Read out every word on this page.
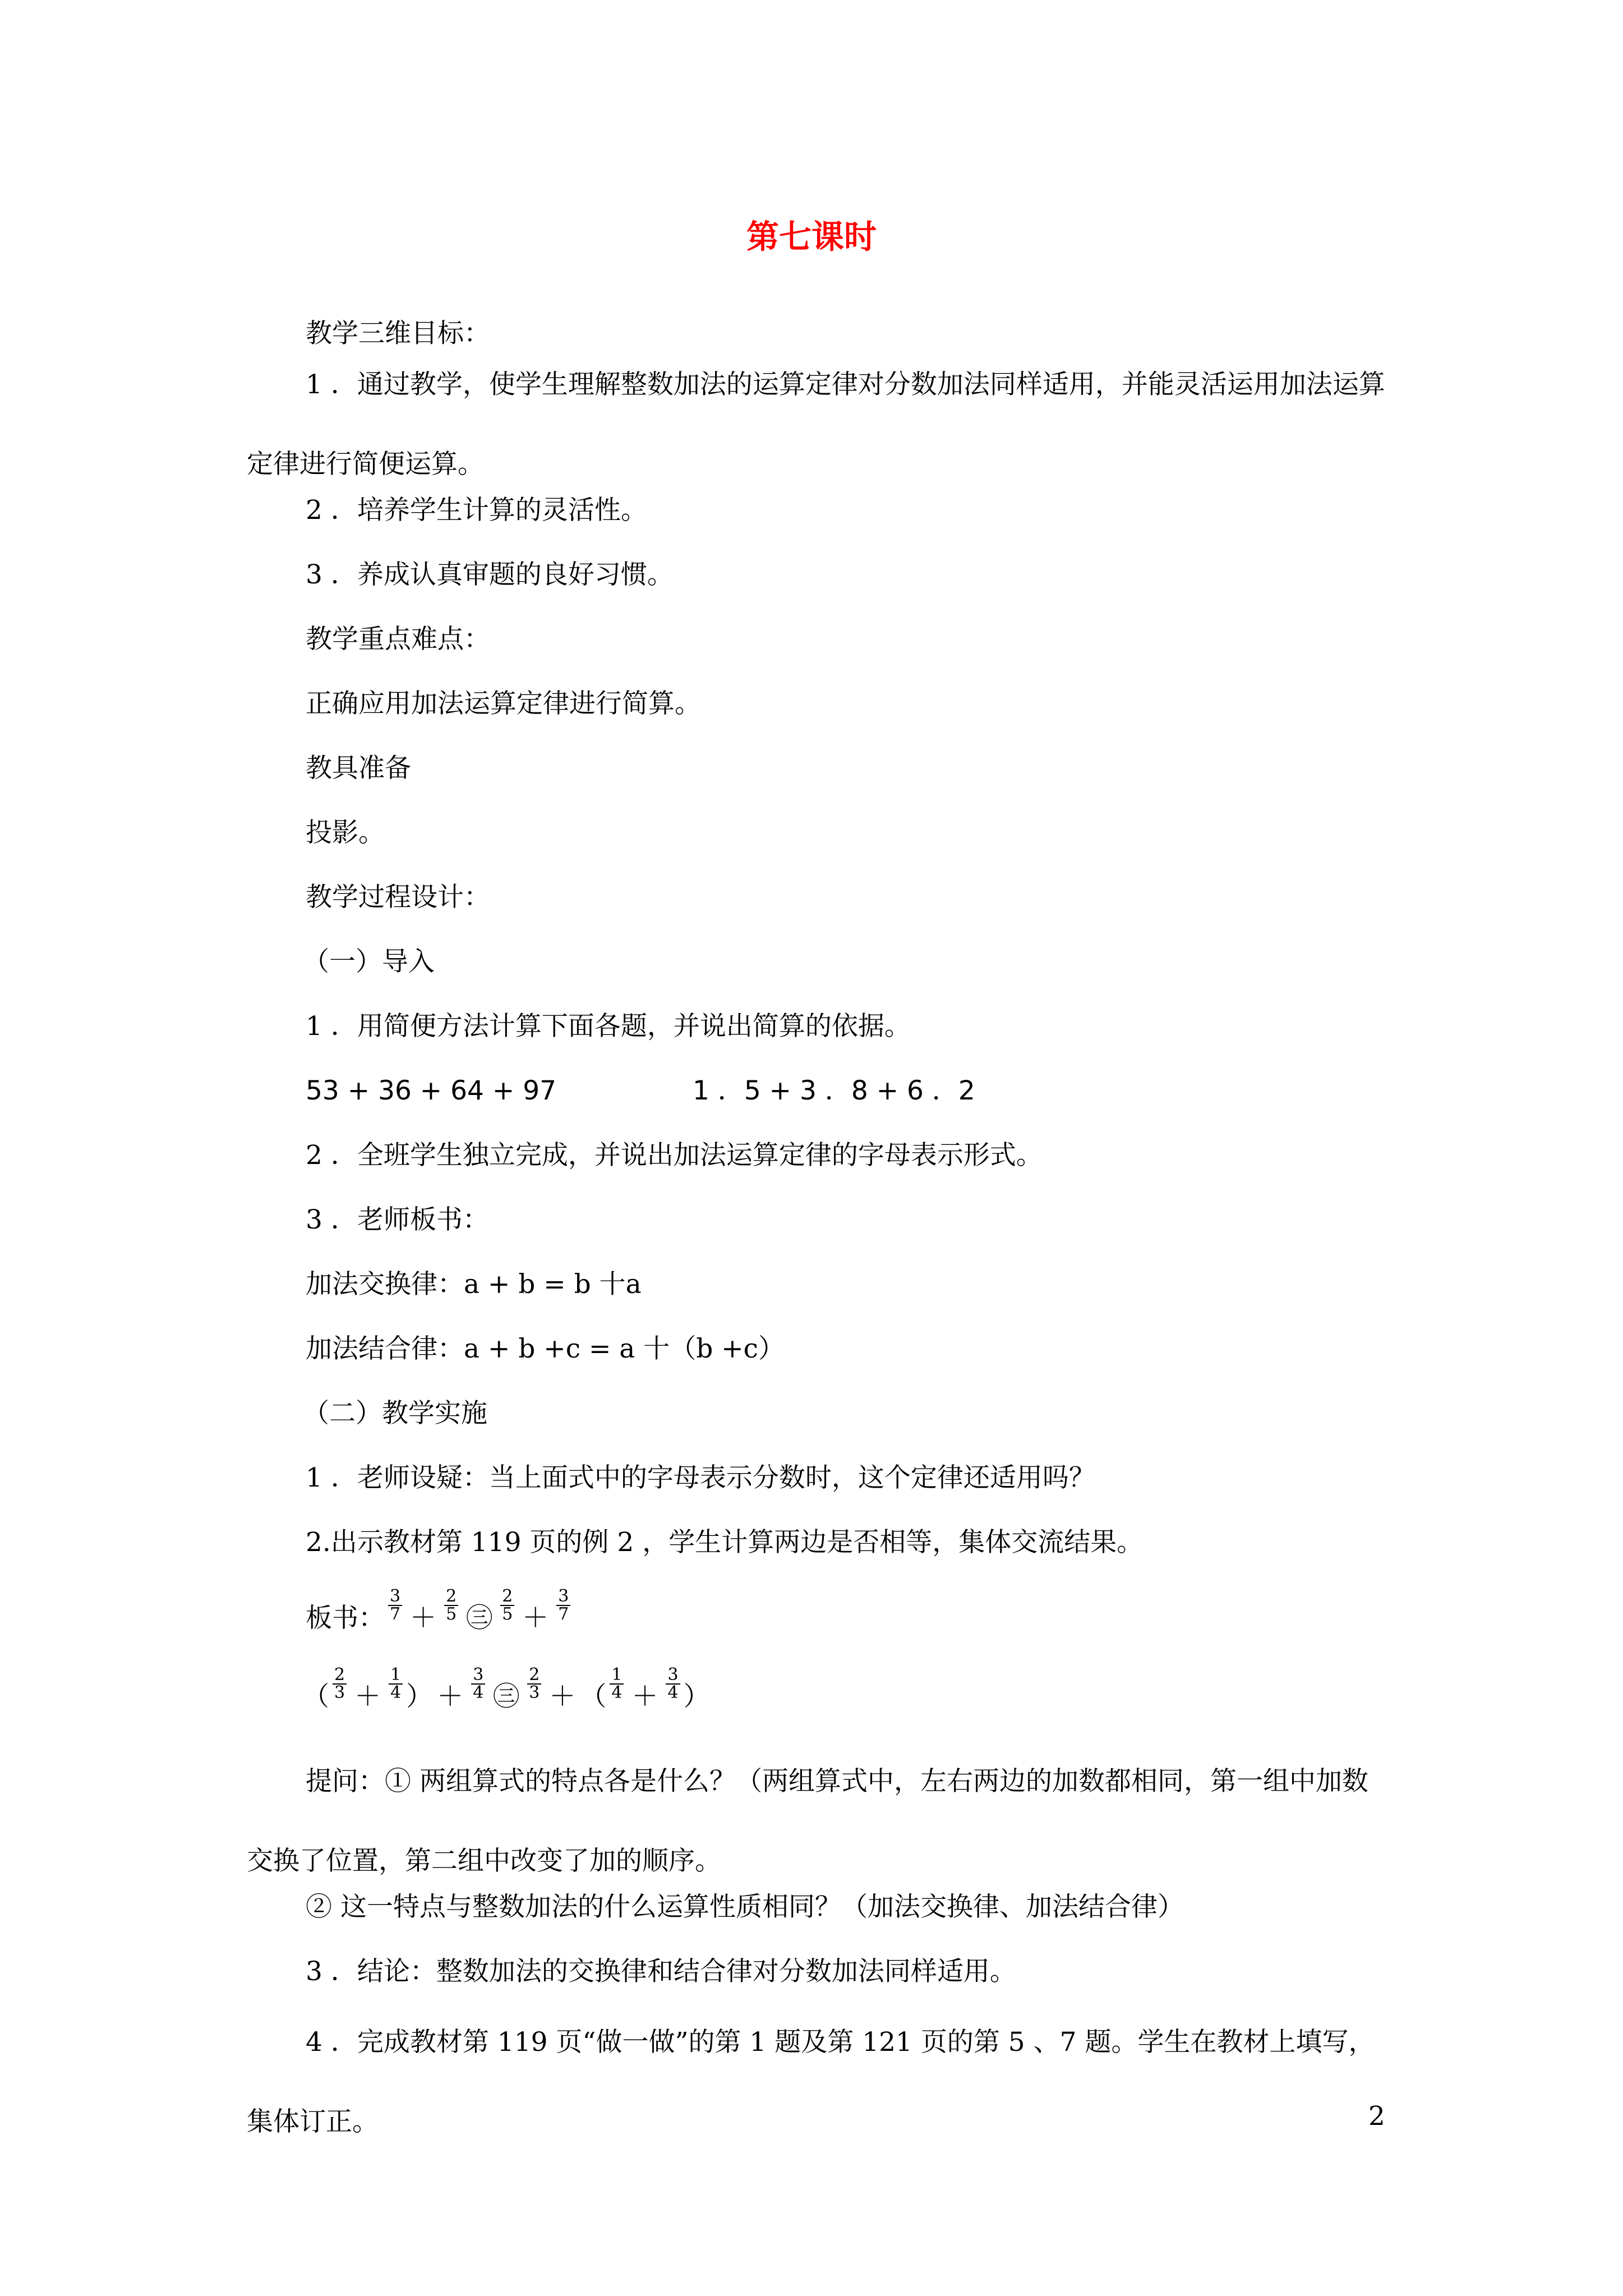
第七课时
教学三维目标：
1 ．通过教学，使学生理解整数加法的运算定律对分数加法同样适用，并能灵活运用加法运算定律进行简便运算。
2 ．培养学生计算的灵活性。
3 ．养成认真审题的良好习惯。
教学重点难点：
正确应用加法运算定律进行简算。
教具准备
投影。
教学过程设计：
（一）导入
1 ．用简便方法计算下面各题，并说出简算的依据。
53 + 36 + 64 + 97	1 ．5 + 3 ．8 + 6 ．2
2 ．全班学生独立完成，并说出加法运算定律的字母表示形式。
3 ．老师板书：
加法交换律：a + b = b 十a
加法结合律：a + b +c = a 十（b +c）
（二）教学实施
1 ．老师设疑：当上面式中的字母表示分数时，这个定律还适用吗？
2.出示教材第 119 页的例 2 ，学生计算两边是否相等，集体交流结果。
板书： $\frac{3}{7} + \frac{2}{5}$ ㊂ $\frac{2}{5} + \frac{3}{7}$
（ $\frac{2}{3} + \frac{1}{4}$ ） ＋ $\frac{3}{4}$ ㊂ $\frac{2}{3}$ ＋ （ $\frac{1}{4} + \frac{3}{4}$ ）
提问：① 两组算式的特点各是什么？（两组算式中，左右两边的加数都相同，第一组中加数交换了位置，第二组中改变了加的顺序。
② 这一特点与整数加法的什么运算性质相同？（加法交换律、加法结合律）
3 ．结论：整数加法的交换律和结合律对分数加法同样适用。
4 ．完成教材第 119 页“做一做”的第 1 题及第 121 页的第 5 、7 题。学生在教材上填写，集体订正。	2
